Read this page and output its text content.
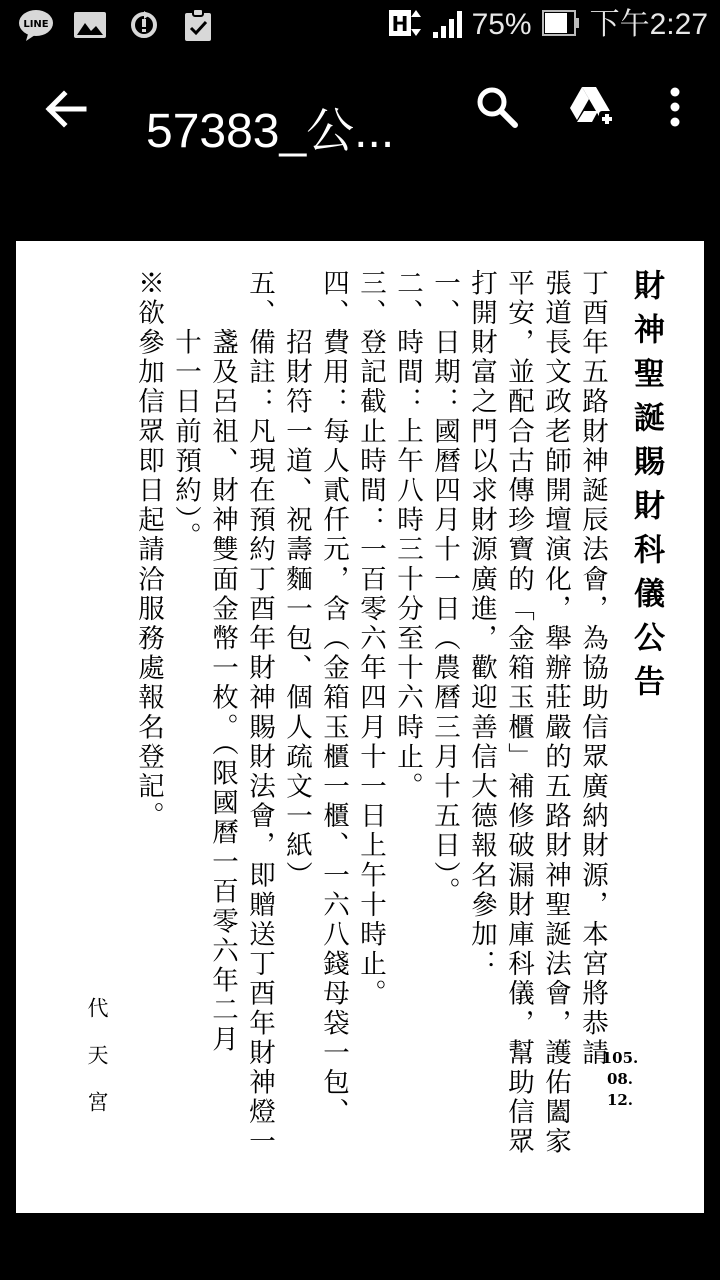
LINE	H 75% 下午2:27
57383_公...
財神聖誕賜財科儀公告
丁酉年五路財神誕辰法會，為協助信眾廣納財源，本宮將恭請
張道長文政老師開壇演化，舉辦莊嚴的五路財神聖誕法會，護佑闔家
平安，並配合古傳珍寶的「金箱玉櫃」補修破漏財庫科儀，幫助信眾
打開財富之門以求財源廣進，歡迎善信大德報名參加：
一、日期：國曆四月十一日（農曆三月十五日）。
二、時間：上午八時三十分至十六時止。
三、登記截止時間：一百零六年四月十一日上午十時止。
四、費用：每人貳仟元，含（金箱玉櫃一櫃、一六八錢母袋一包、
　　招財符一道、祝壽麵一包、個人疏文一紙）
五、備註：凡現在預約丁酉年財神賜財法會，即贈送丁酉年財神燈一
　　盞及呂祖、財神雙面金幣一枚。（限國曆一百零六年二月
　　十一日前預約）。
※欲參加信眾即日起請洽服務處報名登記。
105.
08.
12.
代天宮
